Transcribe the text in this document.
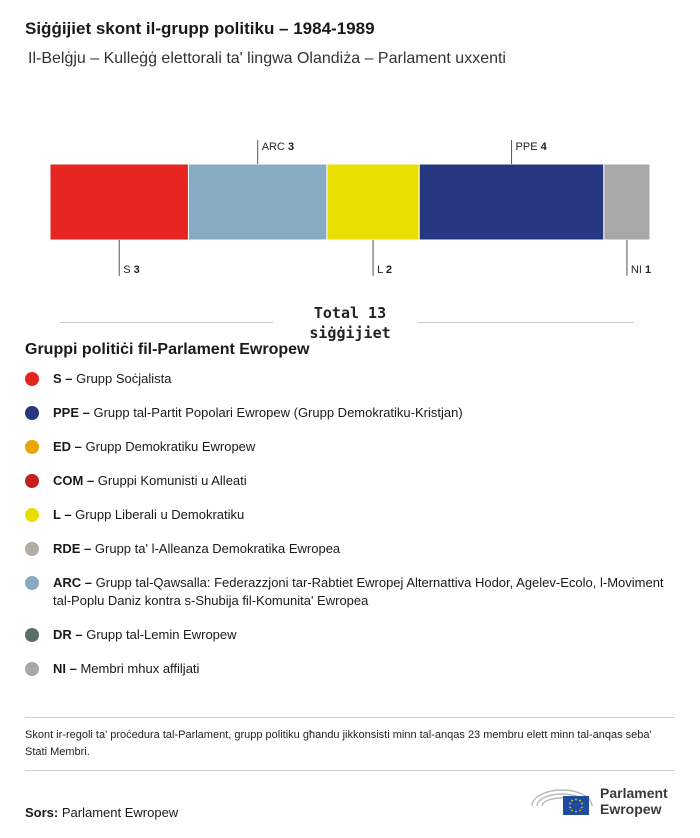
Siġġijiet skont il-grupp politiku – 1984-1989
Il-Belġju – Kulleġġ elettorali ta' lingwa Olandiża – Parlament uxxenti
S 3
ARC 3
L 2
PPE 4
NI 1
Total 13
siġġijiet
Gruppi politiċi fil-Parlament Ewropew
S – Grupp Soċjalista
PPE – Grupp tal-Partit Popolari Ewropew (Grupp Demokratiku-Kristjan)
ED – Grupp Demokratiku Ewropew
COM – Gruppi Komunisti u Alleati
L – Grupp Liberali u Demokratiku
RDE – Grupp ta' l-Alleanza Demokratika Ewropea
ARC – Grupp tal-Qawsalla: Federazzjoni tar-Rabtiet Ewropej Alternattiva Hodor, Agelev-Ecolo, l-Moviment tal-Poplu Daniz kontra s-Shubija fil-Komunita' Ewropea
DR – Grupp tal-Lemin Ewropew
NI – Membri mhux affiljati
Skont ir-regoli ta' proċedura tal-Parlament, grupp politiku għandu jikkonsisti minn tal-anqas 23 membru elett minn tal-anqas seba' Stati Membri.
Sors: Parlament Ewropew
Parlament
Ewropew
